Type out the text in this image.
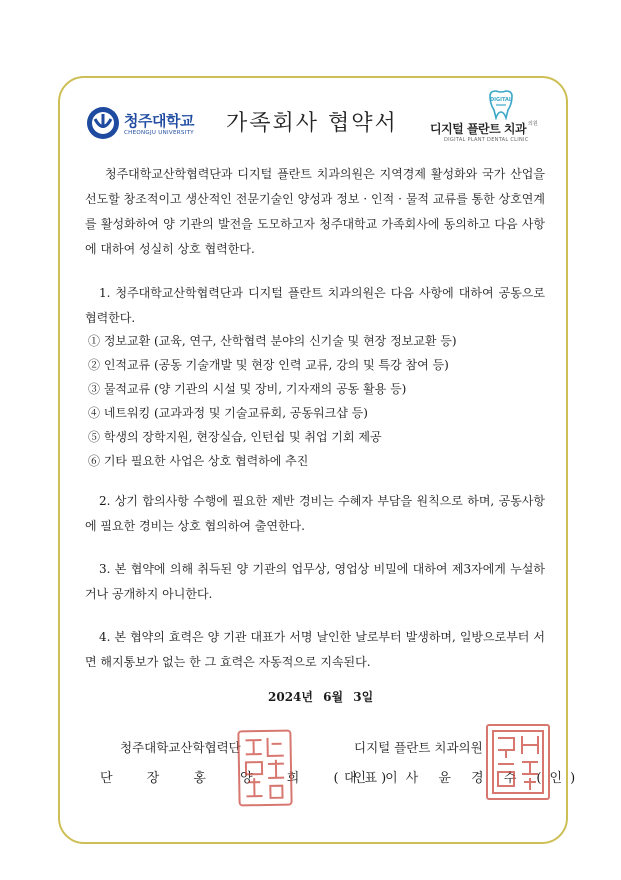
청주대학교
CHEONGJU UNIVERSITY 가족회사 협약서
DIGITAL
디지털 플란트 치과 의원
DIGITAL PLANT DENTAL CLINIC

청주대학교산학협력단과 디지털 플란트 치과의원은 지역경제 활성화와 국가 산업을 선도할 창조적이고 생산적인 전문기술인 양성과 정보 · 인적 · 물적 교류를 통한 상호연계를 활성화하여 양 기관의 발전을 도모하고자 청주대학교 가족회사에 동의하고 다음 사항에 대하여 성실히 상호 협력한다.

1. 청주대학교산학협력단과 디지털 플란트 치과의원은 다음 사항에 대하여 공동으로 협력한다.

① 정보교환 (교육, 연구, 산학협력 분야의 신기술 및 현장 정보교환 등)
② 인적교류 (공동 기술개발 및 현장 인력 교류, 강의 및 특강 참여 등)
③ 물적교류 (양 기관의 시설 및 장비, 기자재의 공동 활용 등)
④ 네트워킹 (교과과정 및 기술교류회, 공동워크샵 등)
⑤ 학생의 장학지원, 현장실습, 인턴쉽 및 취업 기회 제공
⑥ 기타 필요한 사업은 상호 협력하에 추진

2. 상기 합의사항 수행에 필요한 제반 경비는 수혜자 부담을 원칙으로 하며, 공동사항에 필요한 경비는 상호 협의하여 출연한다.

3. 본 협약에 의해 취득된 양 기관의 업무상, 영업상 비밀에 대하여 제3자에게 누설하거나 공개하지 아니한다.

4. 본 협약의 효력은 양 기관 대표가 서명 날인한 날로부터 발생하며, 일방으로부터 서면 해지통보가 없는 한 그 효력은 자동적으로 지속된다.

2024년 6월 3일
청주대학교산학협력단
단 장 홍 양 희 (인)
디지털 플란트 치과의원
대표이사 윤 경 수 (인)
